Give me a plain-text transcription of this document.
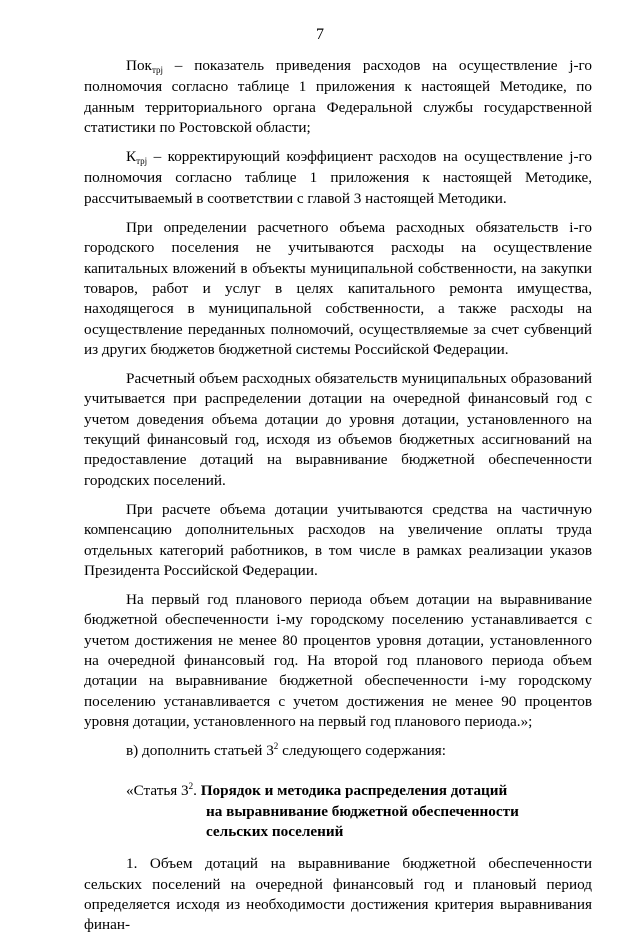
7

Поктрj – показатель приведения расходов на осуществление j-го полномочия согласно таблице 1 приложения к настоящей Методике, по данным территориального органа Федеральной службы государственной статистики по Ростовской области;

Ктрj – корректирующий коэффициент расходов на осуществление j-го полномочия согласно таблице 1 приложения к настоящей Методике, рассчитываемый в соответствии с главой 3 настоящей Методики.

При определении расчетного объема расходных обязательств i-го городского поселения не учитываются расходы на осуществление капитальных вложений в объекты муниципальной собственности, на закупки товаров, работ и услуг в целях капитального ремонта имущества, находящегося в муниципальной собственности, а также расходы на осуществление переданных полномочий, осуществляемые за счет субвенций из других бюджетов бюджетной системы Российской Федерации.

Расчетный объем расходных обязательств муниципальных образований учитывается при распределении дотации на очередной финансовый год с учетом доведения объема дотации до уровня дотации, установленного на текущий финансовый год, исходя из объемов бюджетных ассигнований на предоставление дотаций на выравнивание бюджетной обеспеченности городских поселений.

При расчете объема дотации учитываются средства на частичную компенсацию дополнительных расходов на увеличение оплаты труда отдельных категорий работников, в том числе в рамках реализации указов Президента Российской Федерации.

На первый год планового периода объем дотации на выравнивание бюджетной обеспеченности i-му городскому поселению устанавливается с учетом достижения не менее 80 процентов уровня дотации, установленного на очередной финансовый год. На второй год планового периода объем дотации на выравнивание бюджетной обеспеченности i-му городскому поселению устанавливается с учетом достижения не менее 90 процентов уровня дотации, установленного на первый год планового периода.»;

в) дополнить статьей $3^2$ следующего содержания:

«Статья $3^2$. Порядок и методика распределения дотаций
на выравнивание бюджетной обеспеченности
сельских поселений

1. Объем дотаций на выравнивание бюджетной обеспеченности сельских поселений на очередной финансовый год и плановый период определяется исходя из необходимости достижения критерия выравнивания финан-
